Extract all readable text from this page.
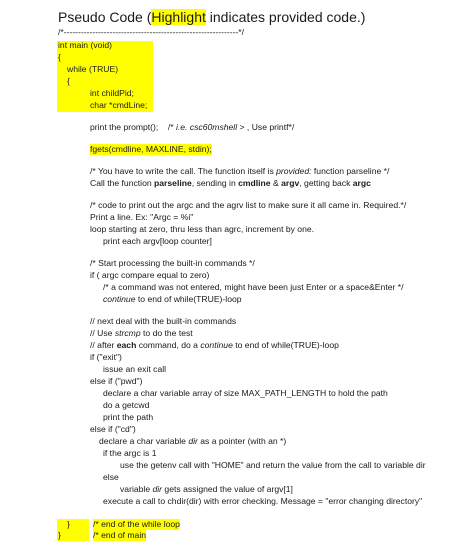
Pseudo Code (Highlight indicates provided code.)
/*-------------------------------------------------------------*/
int main (void)
{
while (TRUE)
{
int childPid;
char *cmdLine;
print the prompt(); /* i.e. csc60mshell > , Use printf*/
fgets(cmdline, MAXLINE, stdin);
/* You have to write the call. The function itself is provided: function parseline */
Call the function parseline, sending in cmdline & argv, getting back argc
/* code to print out the argc and the agrv list to make sure it all came in. Required.*/
Print a line. Ex: "Argc = %i"
loop starting at zero, thru less than agrc, increment by one.
print each argv[loop counter]
/* Start processing the built-in commands */
if ( argc compare equal to zero)
/* a command was not entered, might have been just Enter or a space&Enter */
continue to end of while(TRUE)-loop
// next deal with the built-in commands
// Use strcmp to do the test
// after each command, do a continue to end of while(TRUE)-loop
if ("exit")
issue an exit call
else if ("pwd")
declare a char variable array of size MAX_PATH_LENGTH to hold the path
do a getcwd
print the path
else if ("cd")
declare a char variable dir as a pointer (with an *)
if the argc is 1
use the getenv call with "HOME" and return the value from the call to variable dir
else
variable dir gets assigned the value of argv[1]
execute a call to chdir(dir) with error checking. Message = "error changing directory"
}	/* end of the while loop
}	/* end of main
